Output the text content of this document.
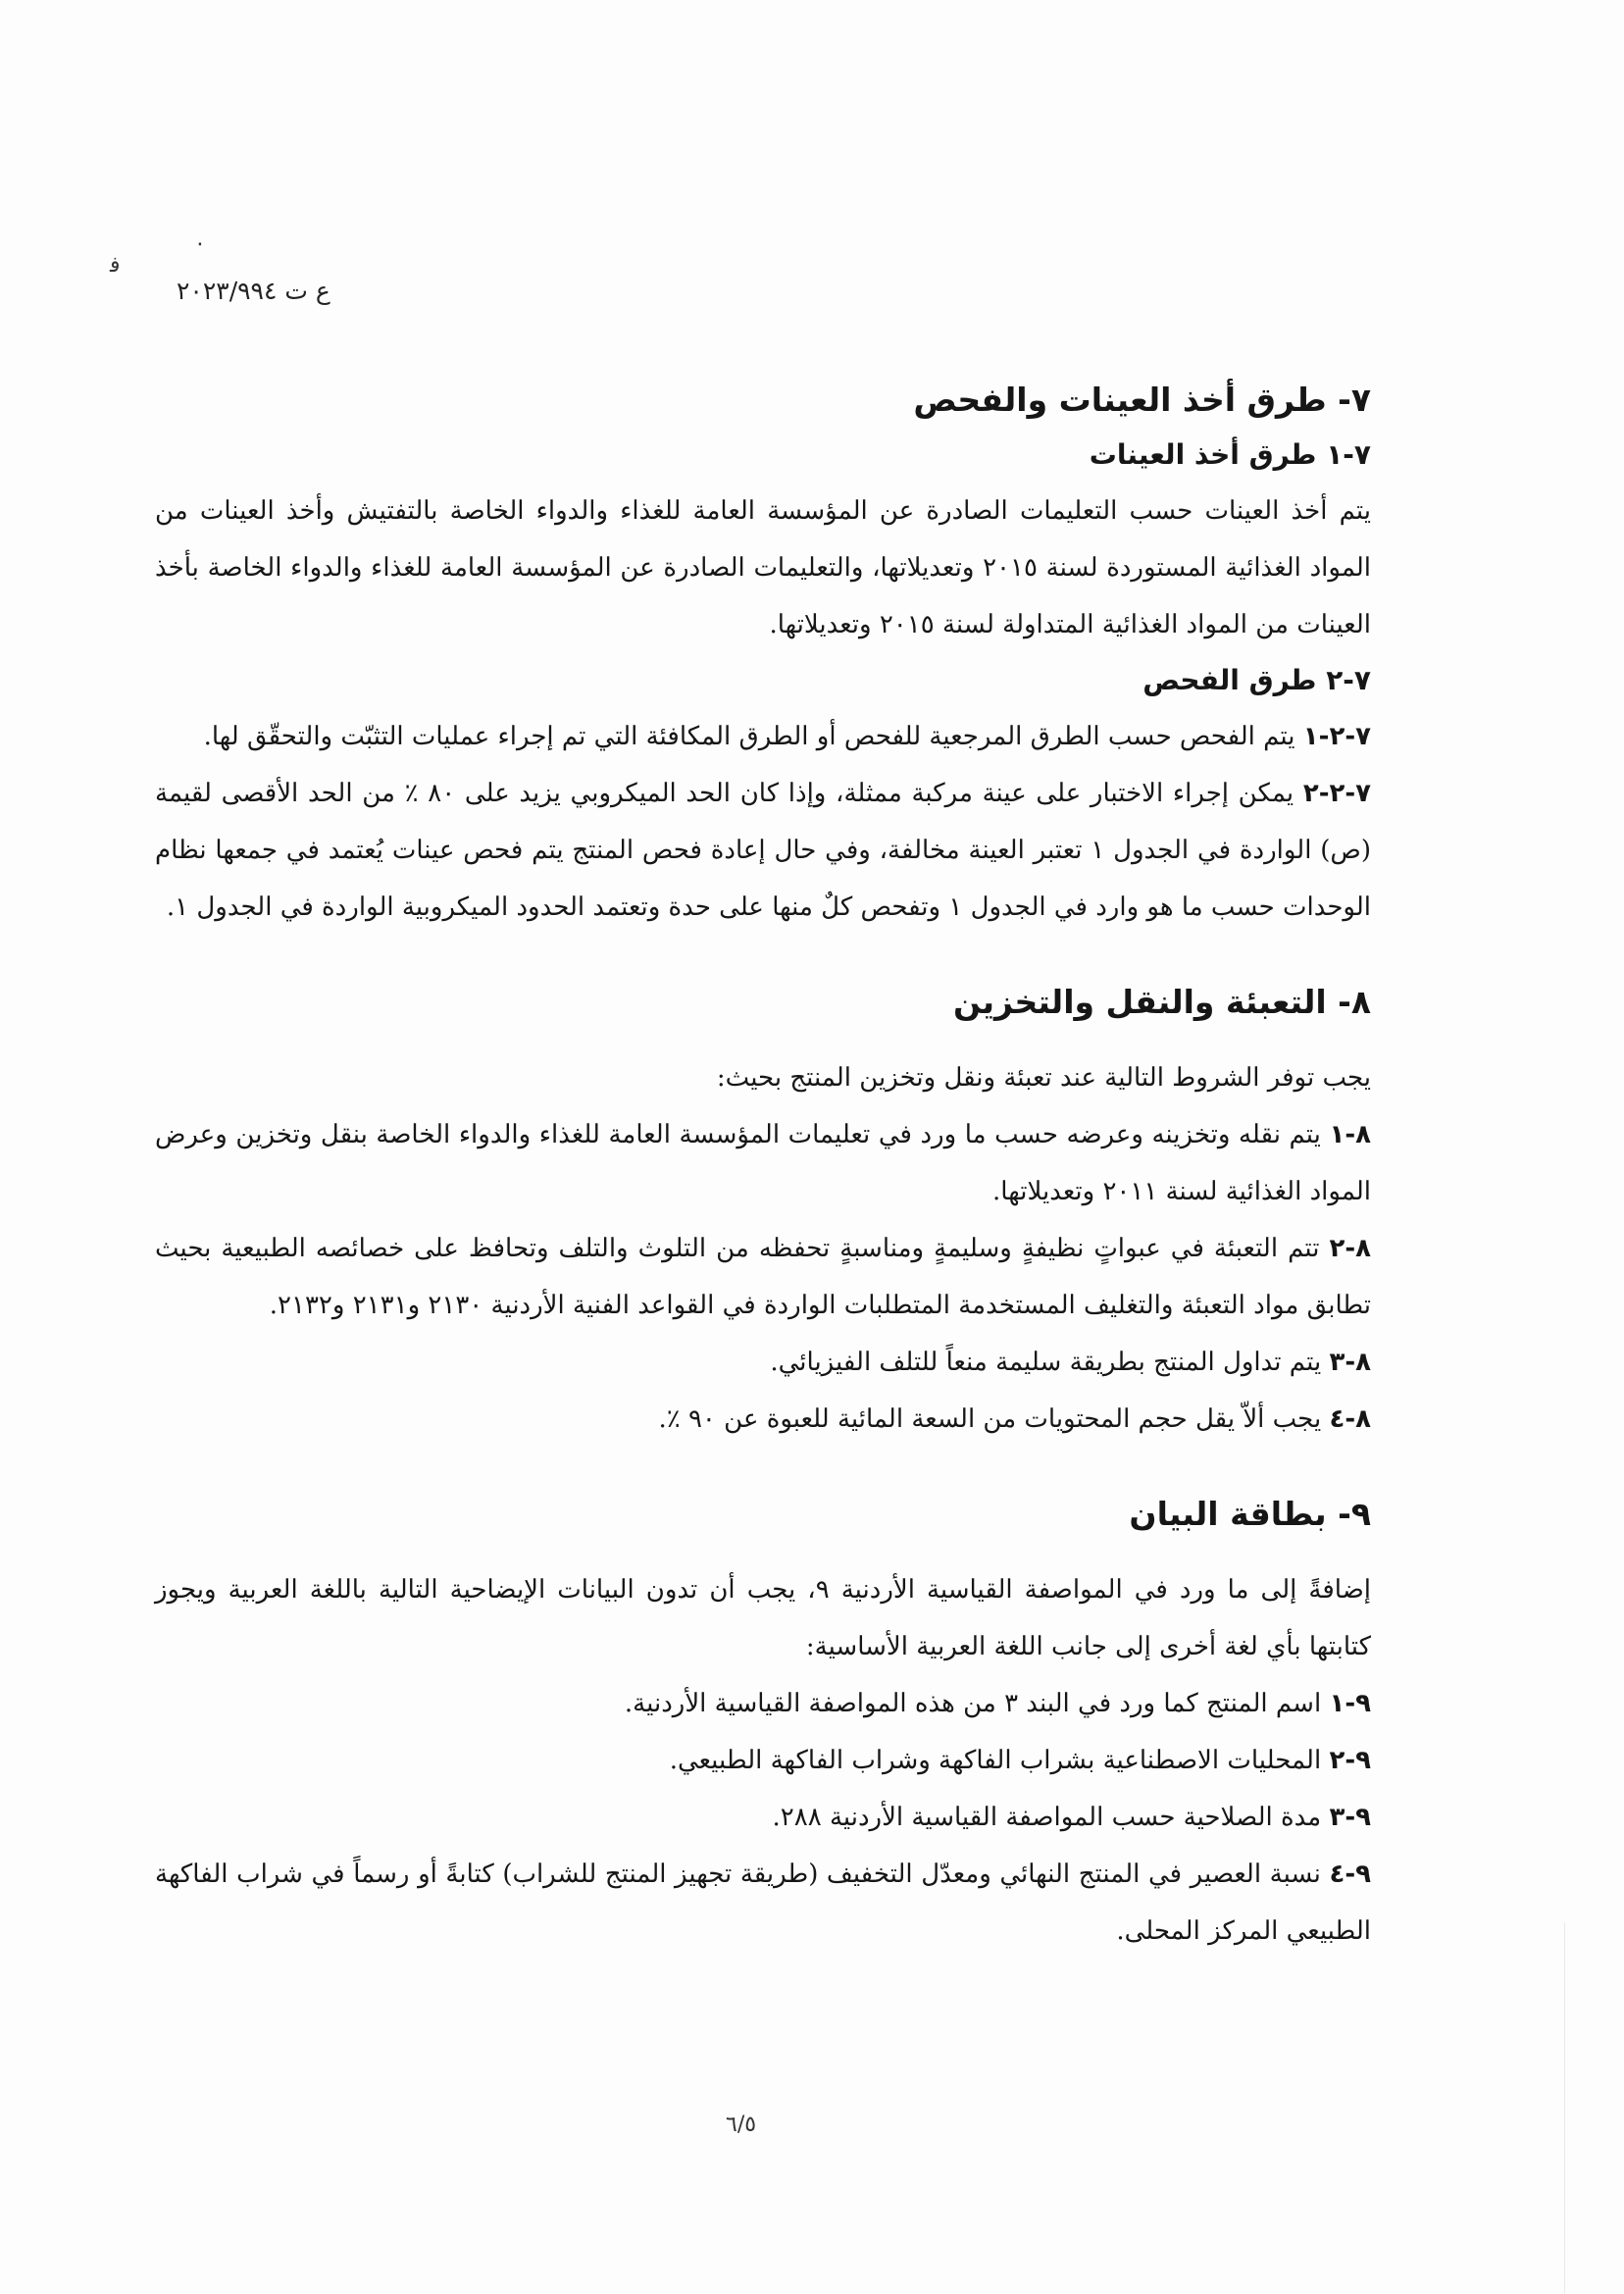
٠
ﻓ
ع ت ٢٠٢٣/٩٩٤
٧- طرق أخذ العينات والفحص
٧-١ طرق أخذ العينات

يتم أخذ العينات حسب التعليمات الصادرة عن المؤسسة العامة للغذاء والدواء الخاصة بالتفتيش وأخذ العينات من المواد الغذائية المستوردة لسنة ٢٠١٥ وتعديلاتها، والتعليمات الصادرة عن المؤسسة العامة للغذاء والدواء الخاصة بأخذ العينات من المواد الغذائية المتداولة لسنة ٢٠١٥ وتعديلاتها.

٧-٢ طرق الفحص

٧-٢-١ يتم الفحص حسب الطرق المرجعية للفحص أو الطرق المكافئة التي تم إجراء عمليات التثبّت والتحقّق لها.

٧-٢-٢ يمكن إجراء الاختبار على عينة مركبة ممثلة، وإذا كان الحد الميكروبي يزيد على ٨٠ ٪ من الحد الأقصى لقيمة (ص) الواردة في الجدول ١ تعتبر العينة مخالفة، وفي حال إعادة فحص المنتج يتم فحص عينات يُعتمد في جمعها نظام الوحدات حسب ما هو وارد في الجدول ١ وتفحص كلٌ منها على حدة وتعتمد الحدود الميكروبية الواردة في الجدول ١.

٨- التعبئة والنقل والتخزين

يجب توفر الشروط التالية عند تعبئة ونقل وتخزين المنتج بحيث:

٨-١ يتم نقله وتخزينه وعرضه حسب ما ورد في تعليمات المؤسسة العامة للغذاء والدواء الخاصة بنقل وتخزين وعرض المواد الغذائية لسنة ٢٠١١ وتعديلاتها.

٨-٢ تتم التعبئة في عبواتٍ نظيفةٍ وسليمةٍ ومناسبةٍ تحفظه من التلوث والتلف وتحافظ على خصائصه الطبيعية بحيث تطابق مواد التعبئة والتغليف المستخدمة المتطلبات الواردة في القواعد الفنية الأردنية ٢١٣٠ و٢١٣١ و٢١٣٢.

٨-٣ يتم تداول المنتج بطريقة سليمة منعاً للتلف الفيزيائي.

٨-٤ يجب ألاّ يقل حجم المحتويات من السعة المائية للعبوة عن ٩٠ ٪.

٩- بطاقة البيان

إضافةً إلى ما ورد في المواصفة القياسية الأردنية ٩، يجب أن تدون البيانات الإيضاحية التالية باللغة العربية ويجوز كتابتها بأي لغة أخرى إلى جانب اللغة العربية الأساسية:

٩-١ اسم المنتج كما ورد في البند ٣ من هذه المواصفة القياسية الأردنية.

٩-٢ المحليات الاصطناعية بشراب الفاكهة وشراب الفاكهة الطبيعي.

٩-٣ مدة الصلاحية حسب المواصفة القياسية الأردنية ٢٨٨.

٩-٤ نسبة العصير في المنتج النهائي ومعدّل التخفيف (طريقة تجهيز المنتج للشراب) كتابةً أو رسماً في شراب الفاكهة الطبيعي المركز المحلى.

٦/٥
